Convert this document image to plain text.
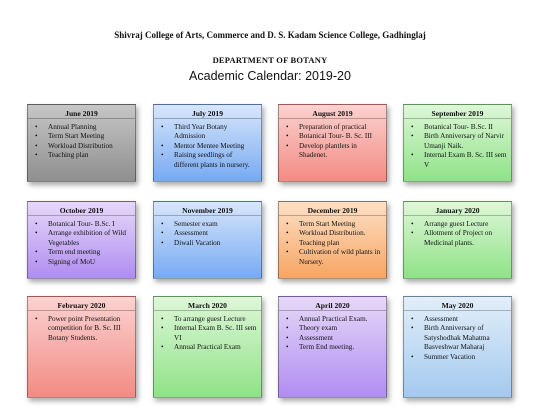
Shivraj College of Arts, Commerce and D. S. Kadam Science College, Gadhinglaj
DEPARTMENT OF BOTANY
Academic Calendar: 2019-20
June 2019
• Annual Planning
• Term Start Meeting
• Workload Distribution
• Teaching plan
July 2019
• Third Year Botany Admission
• Mentor Mentee Meeting
• Raising seedlings of different plants in nursery.
August 2019
• Preparation of practical
• Botanical Tour- B. Sc. III
• Develop plantlets in Shadenet.
September 2019
• Botanical Tour- B.Sc. II
• Birth Anniversary of Narvir Umanji Naik.
• Internal Exam B. Sc. III sem V
October 2019
• Botanical Tour- B.Sc. I
• Arrange exhibition of Wild Vegetables
• Term end meeting
• Signing of MoU
November 2019
• Semester exam
• Assessment
• Diwali Vacation
December 2019
• Term Start Meeting
• Workload Distribution.
• Teaching plan
• Cultivation of wild plants in Nursery.
January 2020
• Arrange guest Lecture
• Allotment of Project on Medicinal plants.
February 2020
• Power point Presentation competition for B. Sc. III Botany Students.
March 2020
• To arrange guest Lecture
• Internal Exam B. Sc. III sem VI
• Annual Practical Exam
April 2020
• Annual Practical Exam.
• Theory exam
• Assessment
• Term End meeting.
May 2020
• Assessment
• Birth Anniversary of Satyshodhak Mahatma Basveshwar Maharaj
• Summer Vacation
